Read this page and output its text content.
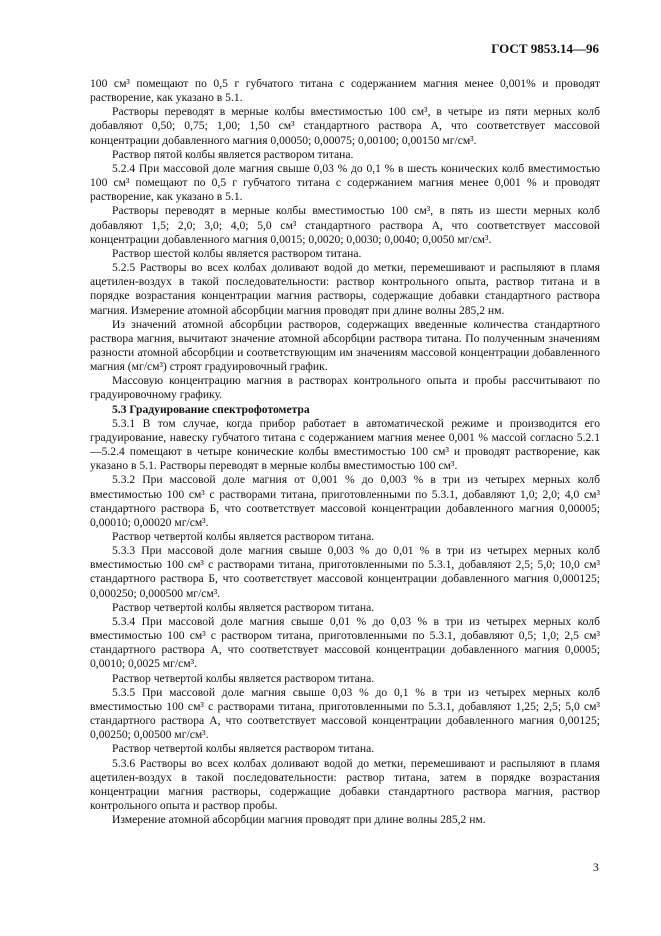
ГОСТ 9853.14—96

100 см³ помещают по 0,5 г губчатого титана с содержанием магния менее 0,001% и проводят растворение, как указано в 5.1.

Растворы переводят в мерные колбы вместимостью 100 см³, в четыре из пяти мерных колб добавляют 0,50; 0,75; 1,00; 1,50 см³ стандартного раствора А, что соответствует массовой концентрации добавленного магния 0,00050; 0,00075; 0,00100; 0,00150 мг/см³.

Раствор пятой колбы является раствором титана.

5.2.4 При массовой доле магния свыше 0,03 % до 0,1 % в шесть конических колб вместимостью 100 см³ помещают по 0,5 г губчатого титана с содержанием магния менее 0,001 % и проводят растворение, как указано в 5.1.

Растворы переводят в мерные колбы вместимостью 100 см³, в пять из шести мерных колб добавляют 1,5; 2,0; 3,0; 4,0; 5,0 см³ стандартного раствора А, что соответствует массовой концентрации добавленного магния 0,0015; 0,0020; 0,0030; 0,0040; 0,0050 мг/см³.

Раствор шестой колбы является раствором титана.

5.2.5 Растворы во всех колбах доливают водой до метки, перемешивают и распыляют в пламя ацетилен-воздух в такой последовательности: раствор контрольного опыта, раствор титана и в порядке возрастания концентрации магния растворы, содержащие добавки стандартного раствора магния. Измерение атомной абсорбции магния проводят при длине волны 285,2 нм.

Из значений атомной абсорбции растворов, содержащих введенные количества стандартного раствора магния, вычитают значение атомной абсорбции раствора титана. По полученным значениям разности атомной абсорбции и соответствующим им значениям массовой концентрации добавленного магния (мг/см³) строят градуировочный график.

Массовую концентрацию магния в растворах контрольного опыта и пробы рассчитывают по градуировочному графику.

5.3 Градуирование спектрофотометра

5.3.1 В том случае, когда прибор работает в автоматической режиме и производится его градуирование, навеску губчатого титана с содержанием магния менее 0,001 % массой согласно 5.2.1—5.2.4 помещают в четыре конические колбы вместимостью 100 см³ и проводят растворение, как указано в 5.1. Растворы переводят в мерные колбы вместимостью 100 см³.

5.3.2 При массовой доле магния от 0,001 % до 0,003 % в три из четырех мерных колб вместимостью 100 см³ с растворами титана, приготовленными по 5.3.1, добавляют 1,0; 2,0; 4,0 см³ стандартного раствора Б, что соответствует массовой концентрации добавленного магния 0,00005; 0,00010; 0,00020 мг/см³.

Раствор четвертой колбы является раствором титана.

5.3.3 При массовой доле магния свыше 0,003 % до 0,01 % в три из четырех мерных колб вместимостью 100 см³ с растворами титана, приготовленными по 5.3.1, добавляют 2,5; 5,0; 10,0 см³ стандартного раствора Б, что соответствует массовой концентрации добавленного магния 0,000125; 0,000250; 0,000500 мг/см³.

Раствор четвертой колбы является раствором титана.

5.3.4 При массовой доле магния свыше 0,01 % до 0,03 % в три из четырех мерных колб вместимостью 100 см³ с раствором титана, приготовленными по 5.3.1, добавляют 0,5; 1,0; 2,5 см³ стандартного раствора А, что соответствует массовой концентрации добавленного магния 0,0005; 0,0010; 0,0025 мг/см³.

Раствор четвертой колбы является раствором титана.

5.3.5 При массовой доле магния свыше 0,03 % до 0,1 % в три из четырех мерных колб вместимостью 100 см³ с растворами титана, приготовленными по 5.3.1, добавляют 1,25; 2,5; 5,0 см³ стандартного раствора А, что соответствует массовой концентрации добавленного магния 0,00125; 0,00250; 0,00500 мг/см³.

Раствор четвертой колбы является раствором титана.

5.3.6 Растворы во всех колбах доливают водой до метки, перемешивают и распыляют в пламя ацетилен-воздух в такой последовательности: раствор титана, затем в порядке возрастания концентрации магния растворы, содержащие добавки стандартного раствора магния, раствор контрольного опыта и раствор пробы.

Измерение атомной абсорбции магния проводят при длине волны 285,2 нм.

3
